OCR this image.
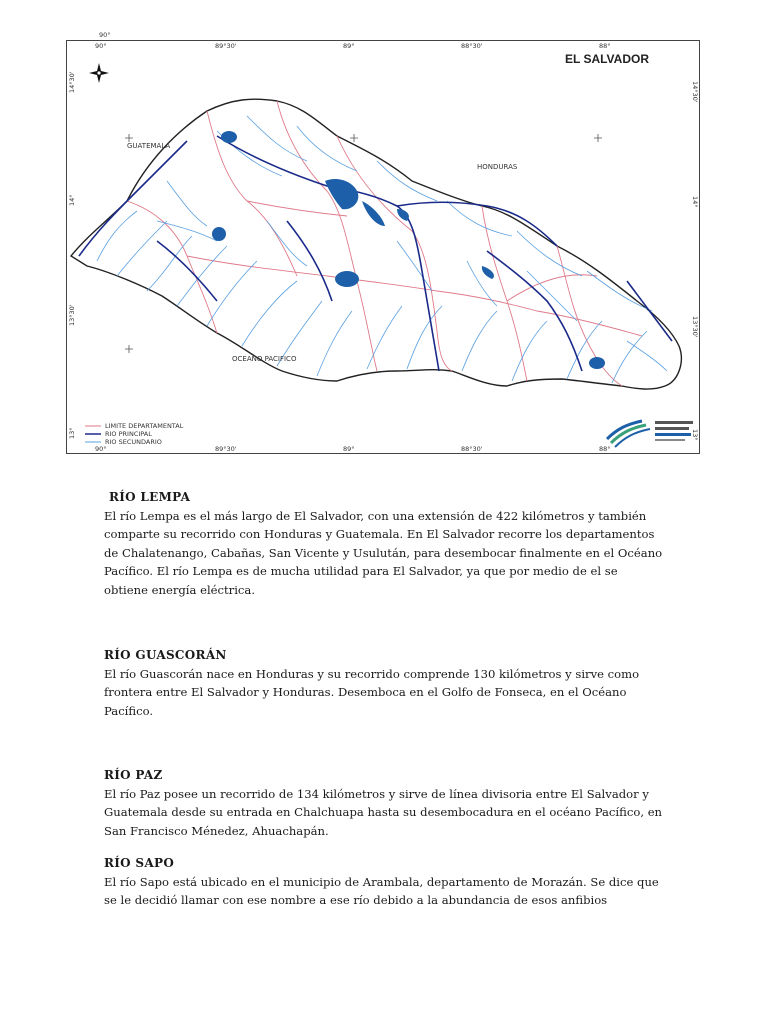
EL SALVADOR
90°
GUATEMALA
HONDURAS
OCEANO PACIFICO
90°	89°30'	89°	88°30'	88°
90°	89°30'	89°	88°30'	88°
14°30'
14°
13°30'
13°
14°30'
14°
13°30'
13°
LIMITE DEPARTAMENTAL
RIO PRINCIPAL
RIO SECUNDARIO
RÍO LEMPA

El río Lempa es el más largo de El Salvador, con una extensión de 422 kilómetros y también comparte su recorrido con Honduras y Guatemala. En El Salvador recorre los departamentos de Chalatenango, Cabañas, San Vicente y Usulután, para desembocar finalmente en el Océano Pacífico. El río Lempa es de mucha utilidad para El Salvador, ya que por medio de el se obtiene energía eléctrica.

RÍO GUASCORÁN

El río Guascorán nace en Honduras y su recorrido comprende 130 kilómetros y sirve como frontera entre El Salvador y Honduras. Desemboca en el Golfo de Fonseca, en el Océano Pacífico.

RÍO PAZ

El río Paz posee un recorrido de 134 kilómetros y sirve de línea divisoria entre El Salvador y Guatemala desde su entrada en Chalchuapa hasta su desembocadura en el océano Pacífico, en San Francisco Ménedez, Ahuachapán.

RÍO SAPO

El río Sapo está ubicado en el municipio de Arambala, departamento de Morazán. Se dice que se le decidió llamar con ese nombre a ese río debido a la abundancia de esos anfibios
